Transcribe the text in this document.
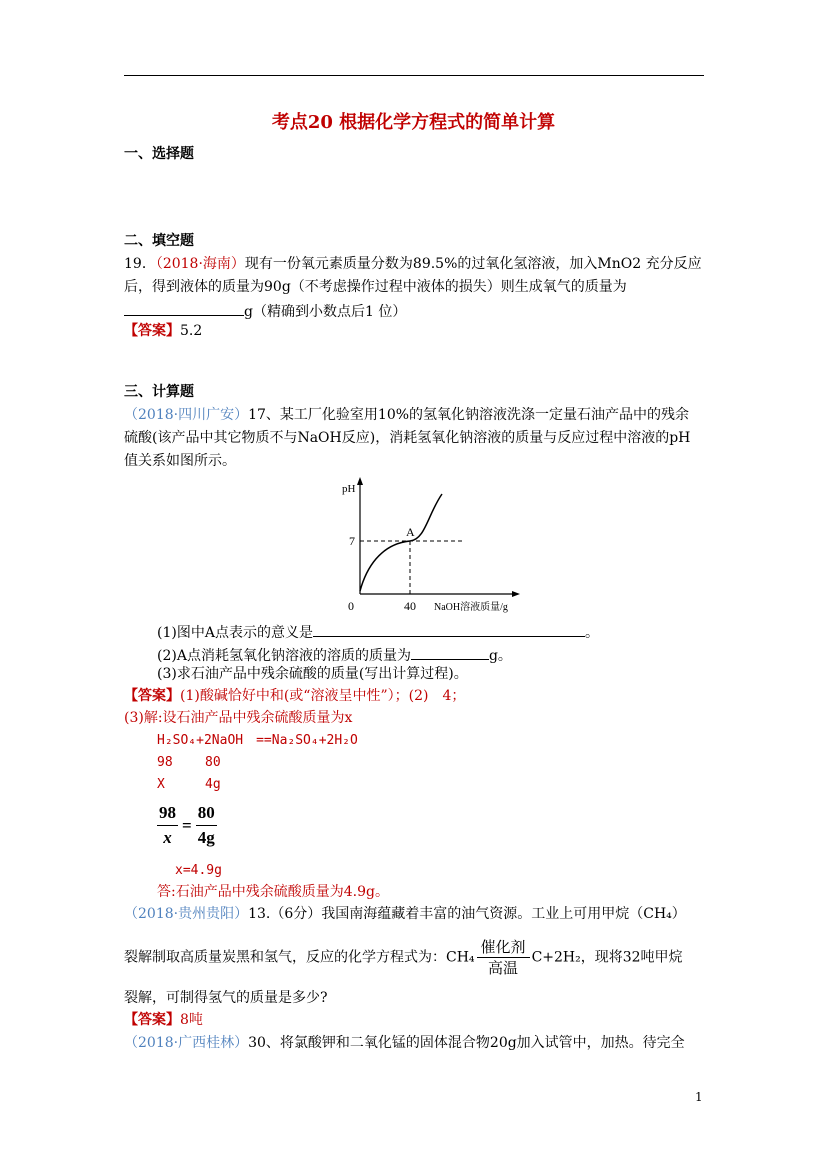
考点20 根据化学方程式的简单计算
一、选择题
二、填空题
19．（2018·海南）现有一份氧元素质量分数为89.5%的过氧化氢溶液，加入MnO2 充分反应
后，得到液体的质量为90g（不考虑操作过程中液体的损失）则生成氧气的质量为
g（精确到小数点后1 位）
【答案】5.2
三、计算题
（2018·四川广安）17、某工厂化验室用10%的氢氧化钠溶液洗涤一定量石油产品中的残余
硫酸(该产品中其它物质不与NaOH反应)，消耗氢氧化钠溶液的质量与反应过程中溶液的pH
值关系如图所示。
pH
7
0	40 NaOH溶液质量/g
A
(1)图中A点表示的意义是	。
(2)A点消耗氢氧化钠溶液的溶质的质量为	g。
(3)求石油产品中残余硫酸的质量(写出计算过程)。
【答案】(1)酸碱恰好中和(或“溶液呈中性”）；(2)　4；
(3)解:设石油产品中残余硫酸质量为x
H₂SO₄+2NaOH　==Na₂SO₄+2H₂O
98 80
X	4g
$\frac{98}{x} = \frac{80}{4g}$
x=4.9g
答:石油产品中残余硫酸质量为4.9g。
（2018·贵州贵阳）13.（6分）我国南海蕴藏着丰富的油气资源。工业上可用甲烷（CH₄）
裂解制取高质量炭黑和氢气，反应的化学方程式为：CH₄
催化剂
高温
C+2H₂，现将32吨甲烷
裂解，可制得氢气的质量是多少?
【答案】8吨
（2018·广西桂林）30、将氯酸钾和二氧化锰的固体混合物20g加入试管中，加热。待完全
1
